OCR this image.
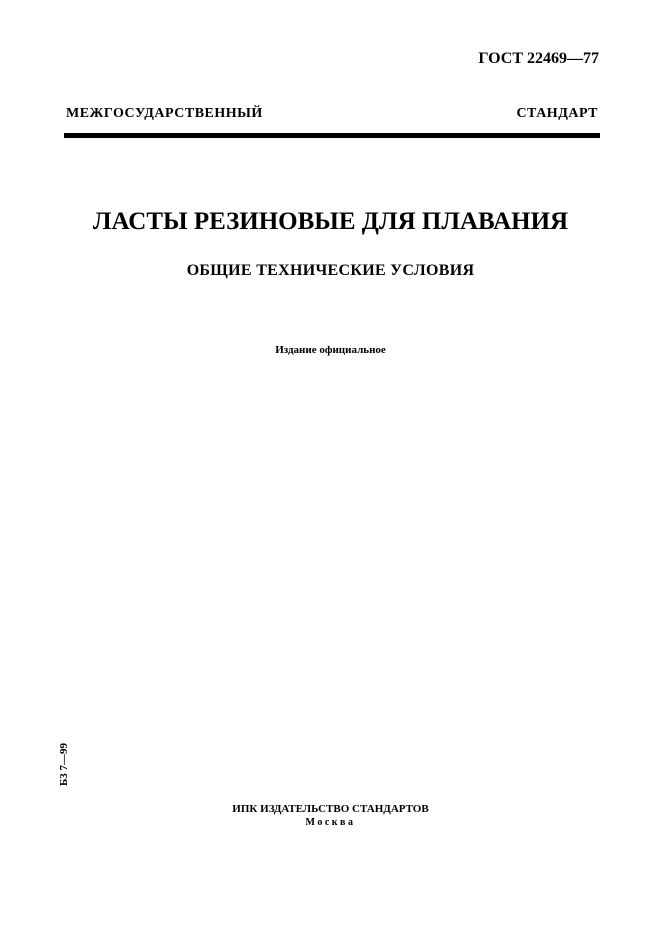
ГОСТ 22469—77
МЕЖГОСУДАРСТВЕННЫЙ СТАНДАРТ
ЛАСТЫ РЕЗИНОВЫЕ ДЛЯ ПЛАВАНИЯ
ОБЩИЕ ТЕХНИЧЕСКИЕ УСЛОВИЯ
Издание официальное
Б3 7—99
ИПК ИЗДАТЕЛЬСТВО СТАНДАРТОВ
Москва
